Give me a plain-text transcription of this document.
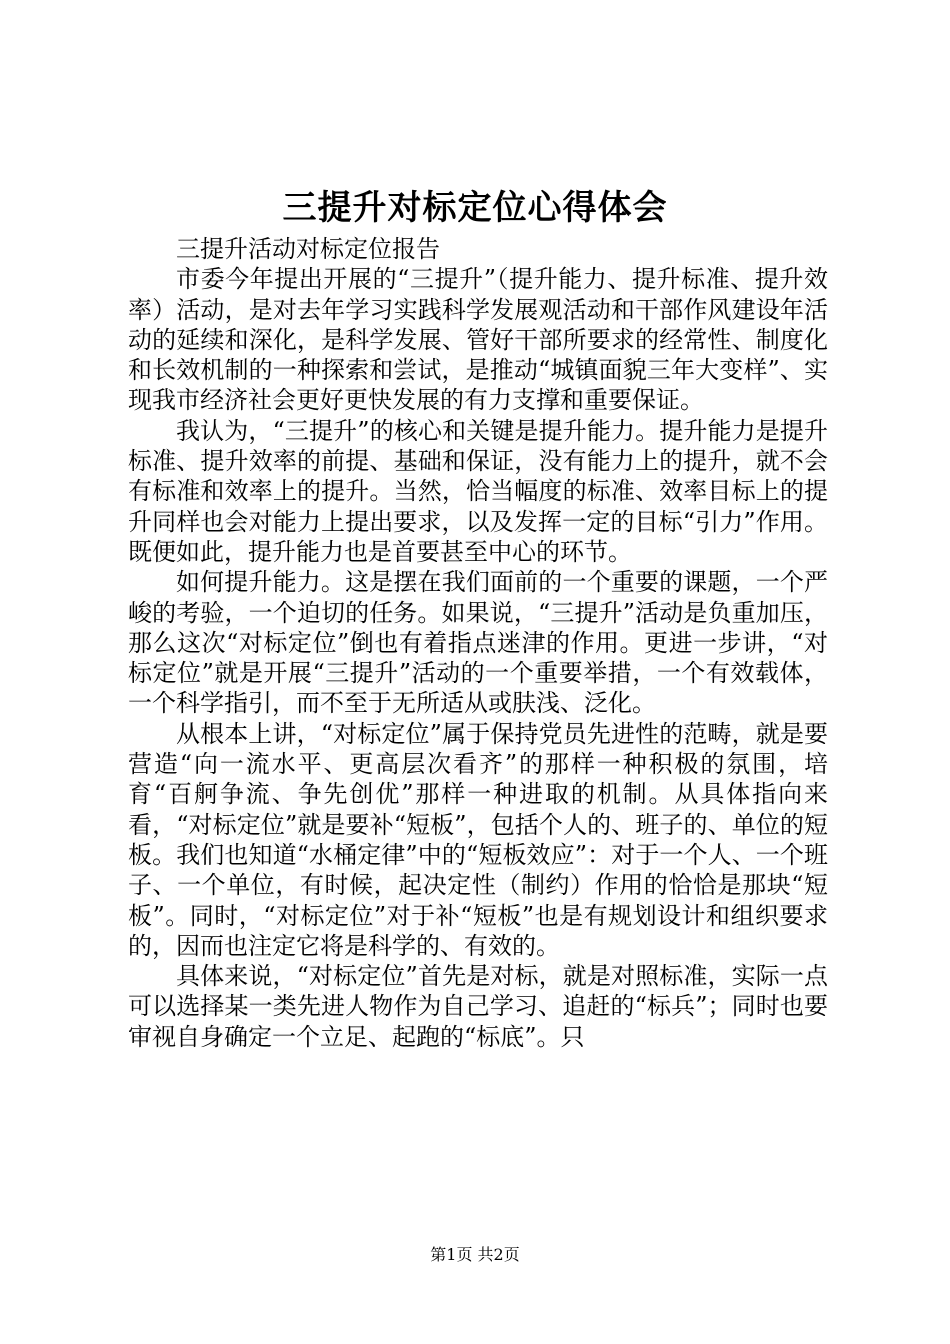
三提升对标定位心得体会

三提升活动对标定位报告

市委今年提出开展的“三提升”（提升能力、提升标准、提升效率）活动，是对去年学习实践科学发展观活动和干部作风建设年活动的延续和深化，是科学发展、管好干部所要求的经常性、制度化和长效机制的一种探索和尝试，是推动“城镇面貌三年大变样”、实现我市经济社会更好更快发展的有力支撑和重要保证。

我认为，“三提升”的核心和关键是提升能力。提升能力是提升标准、提升效率的前提、基础和保证，没有能力上的提升，就不会有标准和效率上的提升。当然，恰当幅度的标准、效率目标上的提升同样也会对能力上提出要求，以及发挥一定的目标“引力”作用。既便如此，提升能力也是首要甚至中心的环节。

如何提升能力。这是摆在我们面前的一个重要的课题，一个严峻的考验，一个迫切的任务。如果说，“三提升”活动是负重加压，那么这次“对标定位”倒也有着指点迷津的作用。更进一步讲，“对标定位”就是开展“三提升”活动的一个重要举措，一个有效载体，一个科学指引，而不至于无所适从或肤浅、泛化。

从根本上讲，“对标定位”属于保持党员先进性的范畴，就是要营造“向一流水平、更高层次看齐”的那样一种积极的氛围，培育“百舸争流、争先创优”那样一种进取的机制。从具体指向来看，“对标定位”就是要补“短板”，包括个人的、班子的、单位的短板。我们也知道“水桶定律”中的“短板效应”：对于一个人、一个班子、一个单位，有时候，起决定性（制约）作用的恰恰是那块“短板”。同时，“对标定位”对于补“短板”也是有规划设计和组织要求的，因而也注定它将是科学的、有效的。

具体来说，“对标定位”首先是对标，就是对照标准，实际一点可以选择某一类先进人物作为自己学习、追赶的“标兵”；同时也要审视自身确定一个立足、起跑的“标底”。只

第1页 共2页
